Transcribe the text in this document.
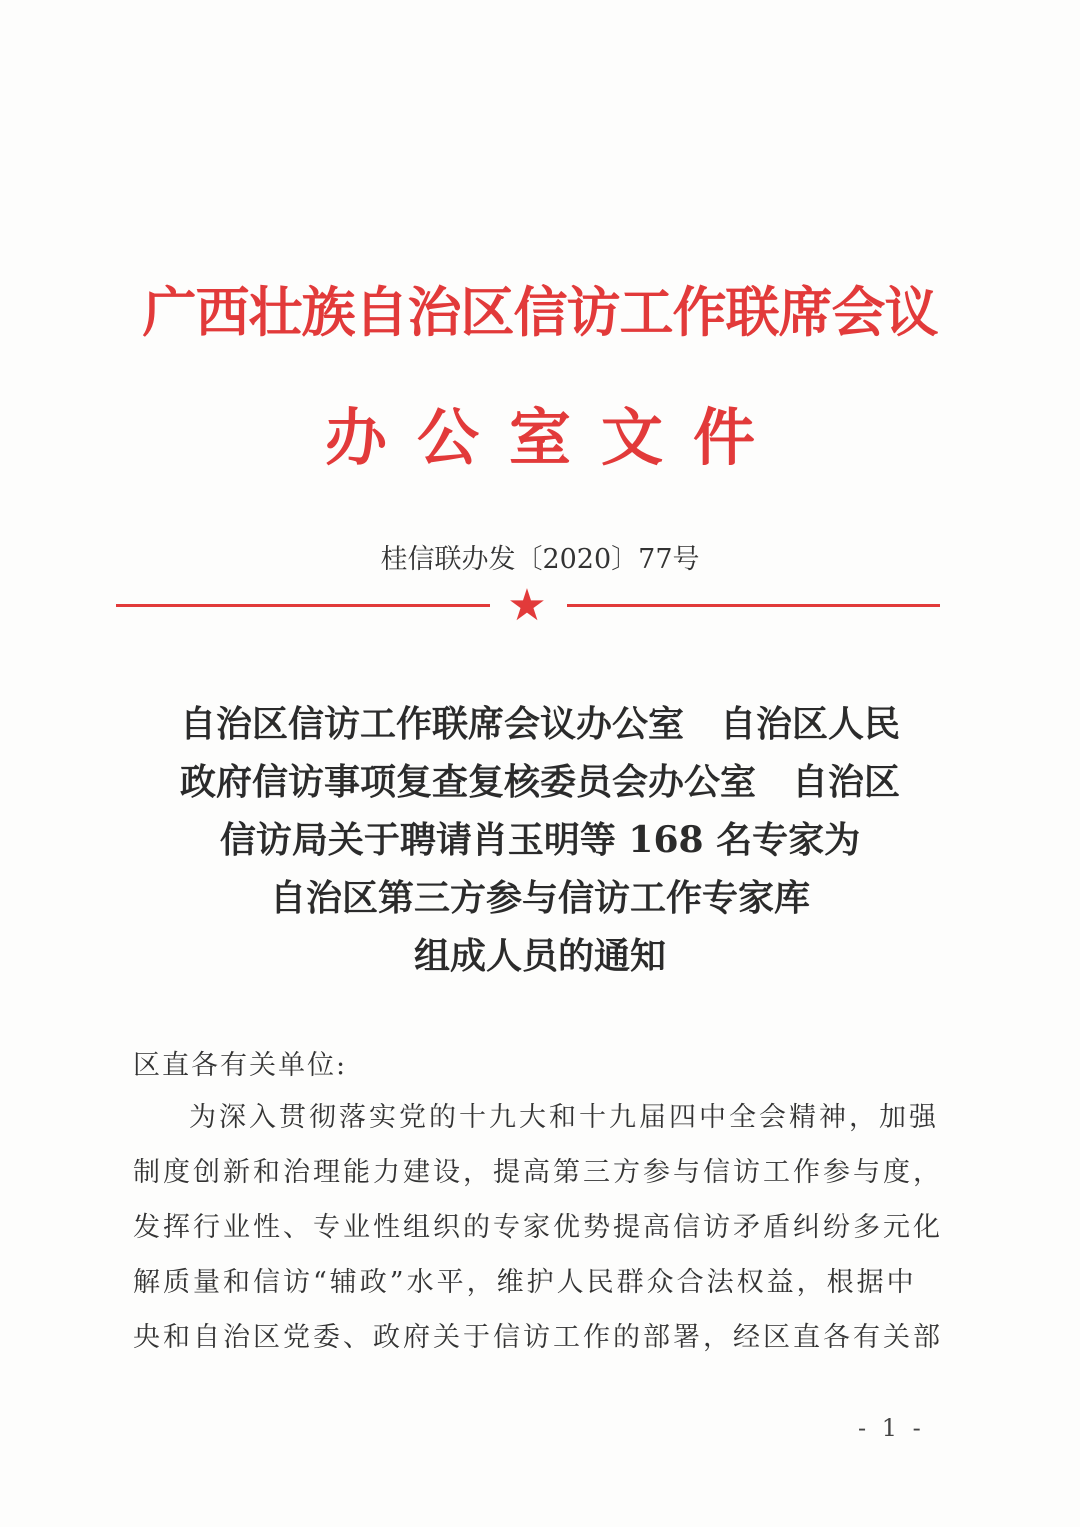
广西壮族自治区信访工作联席会议
办公室文件
桂信联办发〔2020〕77号
★
自治区信访工作联席会议办公室　自治区人民
政府信访事项复查复核委员会办公室　自治区
信访局关于聘请肖玉明等 168 名专家为
自治区第三方参与信访工作专家库
组成人员的通知
区直各有关单位:
为深入贯彻落实党的十九大和十九届四中全会精神，加强
制度创新和治理能力建设，提高第三方参与信访工作参与度，
发挥行业性、专业性组织的专家优势提高信访矛盾纠纷多元化
解质量和信访“辅政”水平，维护人民群众合法权益，根据中
央和自治区党委、政府关于信访工作的部署，经区直各有关部
- 1 -
